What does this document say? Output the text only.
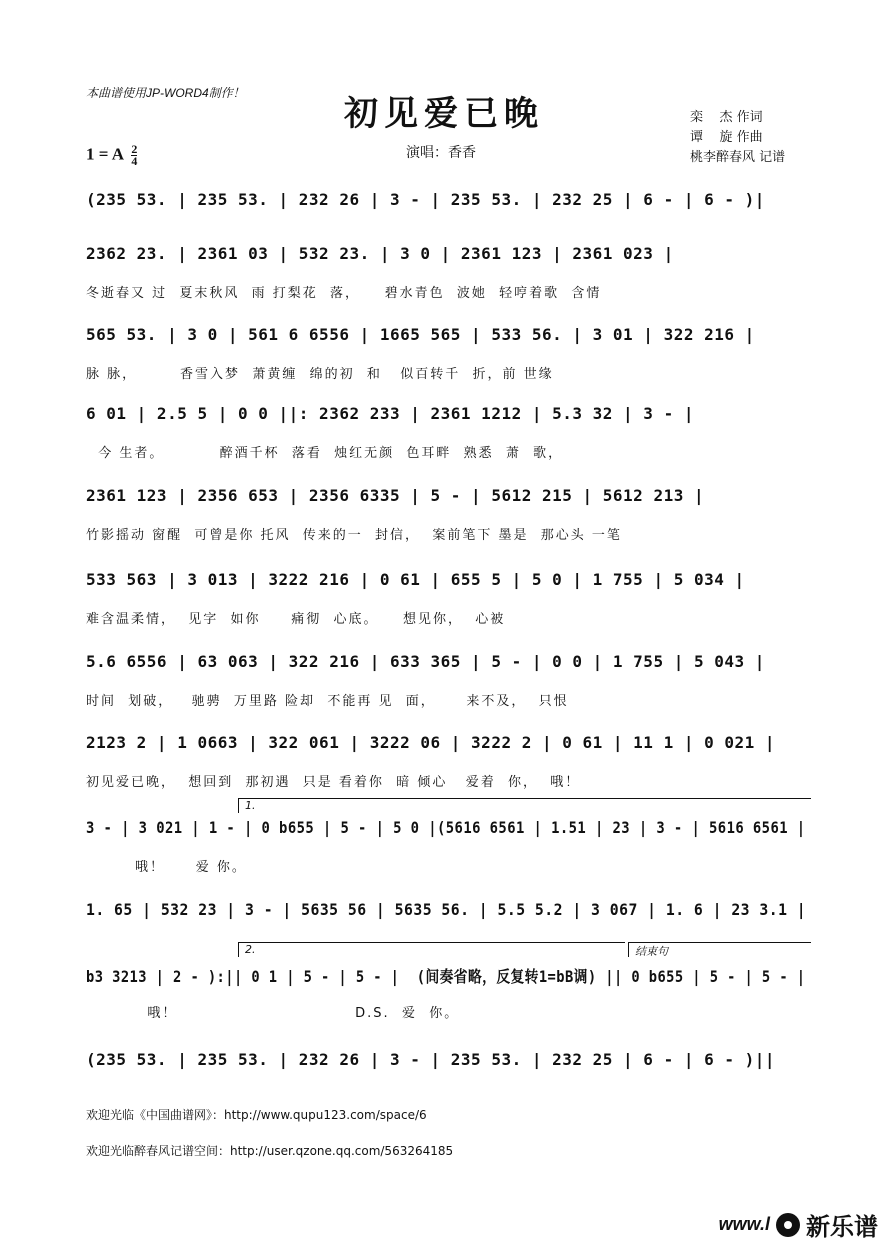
本曲谱使用JP-WORD4制作！
初见爱已晚
1 = A $\frac{2}{4}$	演唱：香香
栾    杰 作词
谭    旋 作曲
桃李醉春风 记谱
(235 53. | 235 53. | 232 26 | 3 - | 235 53. | 232 25 | 6 - | 6 - )|
2362 23. | 2361 03 | 532 23. | 3 0 | 2361 123 | 2361 023 |
冬逝春又 过  夏末秋风  雨 打梨花  落，    碧水青色  波她  轻哼着歌  含情
565 53. | 3 0 | 561 6 6556 | 1665 565 | 533 56. | 3 01 | 322 216 |
脉 脉，       香雪入梦  萧黄缠  绵的初  和   似百转千  折，前 世缘
6 01 | 2.5 5 | 0 0 ||: 2362 233 | 2361 1212 | 5.3 32 | 3 - |
今 生者。         醉酒千杯  落看  烛红无颜  色耳畔  熟悉  萧  歌，
2361 123 | 2356 653 | 2356 6335 | 5 - | 5612 215 | 5612 213 |
竹影摇动 窗醒  可曾是你 托风  传来的一  封信，  案前笔下 墨是  那心头 一笔
533 563 | 3 013 | 3222 216 | 0 61 | 655 5 | 5 0 | 1 755 | 5 034 |
难含温柔情，  见字  如你     痛彻  心底。    想见你，  心被
5.6 6556 | 63 063 | 322 216 | 633 365 | 5 - | 0 0 | 1 755 | 5 043 |
时间  划破，   驰骋  万里路 险却  不能再 见  面，     来不及，  只恨
2123 2 | 1 0663 | 322 061 | 3222 06 | 3222 2 | 0 61 | 11 1 | 0 021 |
初见爱已晚，  想回到  那初遇  只是 看着你  暗 倾心   爱着  你，  哦！
1.
3 - | 3 021 | 1 - | 0 b655 | 5 - | 5 0 |(5616 6561 | 1.51 | 23 | 3 - | 5616 6561 |
哦！     爱 你。
1. 65 | 532 23 | 3 - | 5635 56 | 5635 56. | 5.5 5.2 | 3 067 | 1. 6 | 23 3.1 |
2.	结束句
b3 3213 | 2 - ):|| 0 1 | 5 - | 5 - |  (间奏省略，反复转1=bB调) || 0 b655 | 5 - | 5 - |
哦！                             D.S.  爱  你。
(235 53. | 235 53. | 232 26 | 3 - | 235 53. | 232 25 | 6 - | 6 - )||
欢迎光临《中国曲谱网》：http://www.qupu123.com/space/6
欢迎光临醉春风记谱空间：http://user.qzone.qq.com/563264185
www.l 新乐谱
